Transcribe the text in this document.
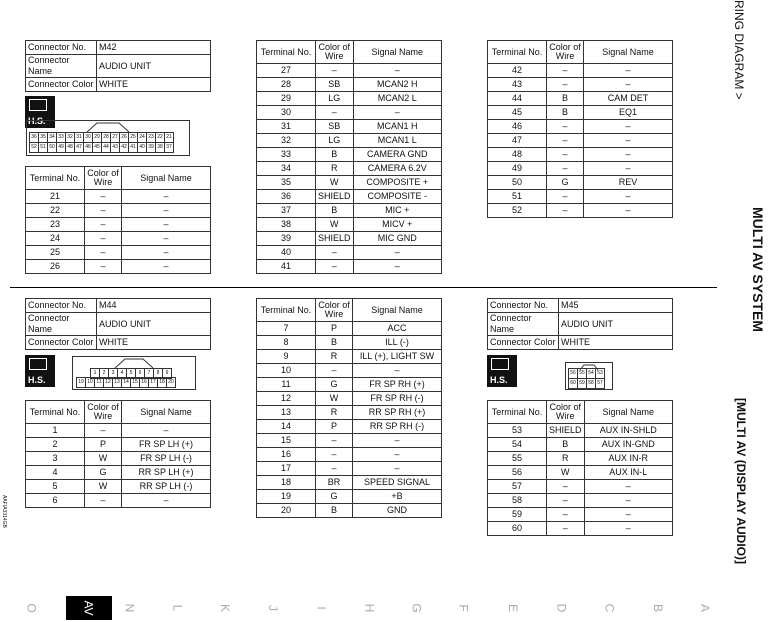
Connector No.	M42
Connector Name	AUDIO UNIT
Connector Color	WHITE
H.S.
36 35 34 33 32 31 30 29 28 27 26 25 24 23 22 21
52 51 50 49 48 47 46 45 44 43 42 41 40 39 38 37
Terminal No.	Color of Wire	Signal Name
21	–	–
22	–	–
23	–	–
24	–	–
25	–	–
26	–	–
Terminal No.	Color of Wire	Signal Name
27	–	–
28	SB	MCAN2 H
29	LG	MCAN2 L
30	–	–
31	SB	MCAN1 H
32	LG	MCAN1 L
33	B	CAMERA GND
34	R	CAMERA 6.2V
35	W	COMPOSITE +
36	SHIELD	COMPOSITE -
37	B	MIC +
38	W	MICV +
39	SHIELD	MIC GND
40	–	–
41	–	–
Terminal No.	Color of Wire	Signal Name
42	–	–
43	–	–
44	B	CAM DET
45	B	EQ1
46	–	–
47	–	–
48	–	–
49	–	–
50	G	REV
51	–	–
52	–	–
Connector No.	M44
Connector Name	AUDIO UNIT
Connector Color	WHITE
H.S.
1	2	3	4	5	6	7	8	9
19 10 11 12 13 14 15 16 17 18 20
Terminal No.	Color of Wire	Signal Name
1	–	–
2	P	FR SP LH (+)
3	W	FR SP LH (-)
4	G	RR SP LH (+)
5	W	RR SP LH (-)
6	–	–
Terminal No.	Color of Wire	Signal Name
7	P	ACC
8	B	ILL (-)
9	R	ILL (+), LIGHT SW
10	–	–
11	G	FR SP RH (+)
12	W	FR SP RH (-)
13	R	RR SP RH (+)
14	P	RR SP RH (-)
15	–	–
16	–	–
17	–	–
18	BR	SPEED SIGNAL
19	G	+B
20	B	GND
Connector No.	M45
Connector Name	AUDIO UNIT
Connector Color	WHITE
H.S.
56 55 54 53
60 59 58 57
Terminal No.	Color of Wire	Signal Name
53	SHIELD	AUX IN-SHLD
54	B	AUX IN-GND
55	R	AUX IN-R
56	W	AUX IN-L
57	–	–
58	–	–
59	–	–
60	–	–
RING DIAGRAM >
MULTI AV SYSTEM
[MULTI AV (DISPLAY AUDIO)]
AAFIA3314GB
O	AV	N	L	K	J	I	H	G	F	E	D	C	B	A
